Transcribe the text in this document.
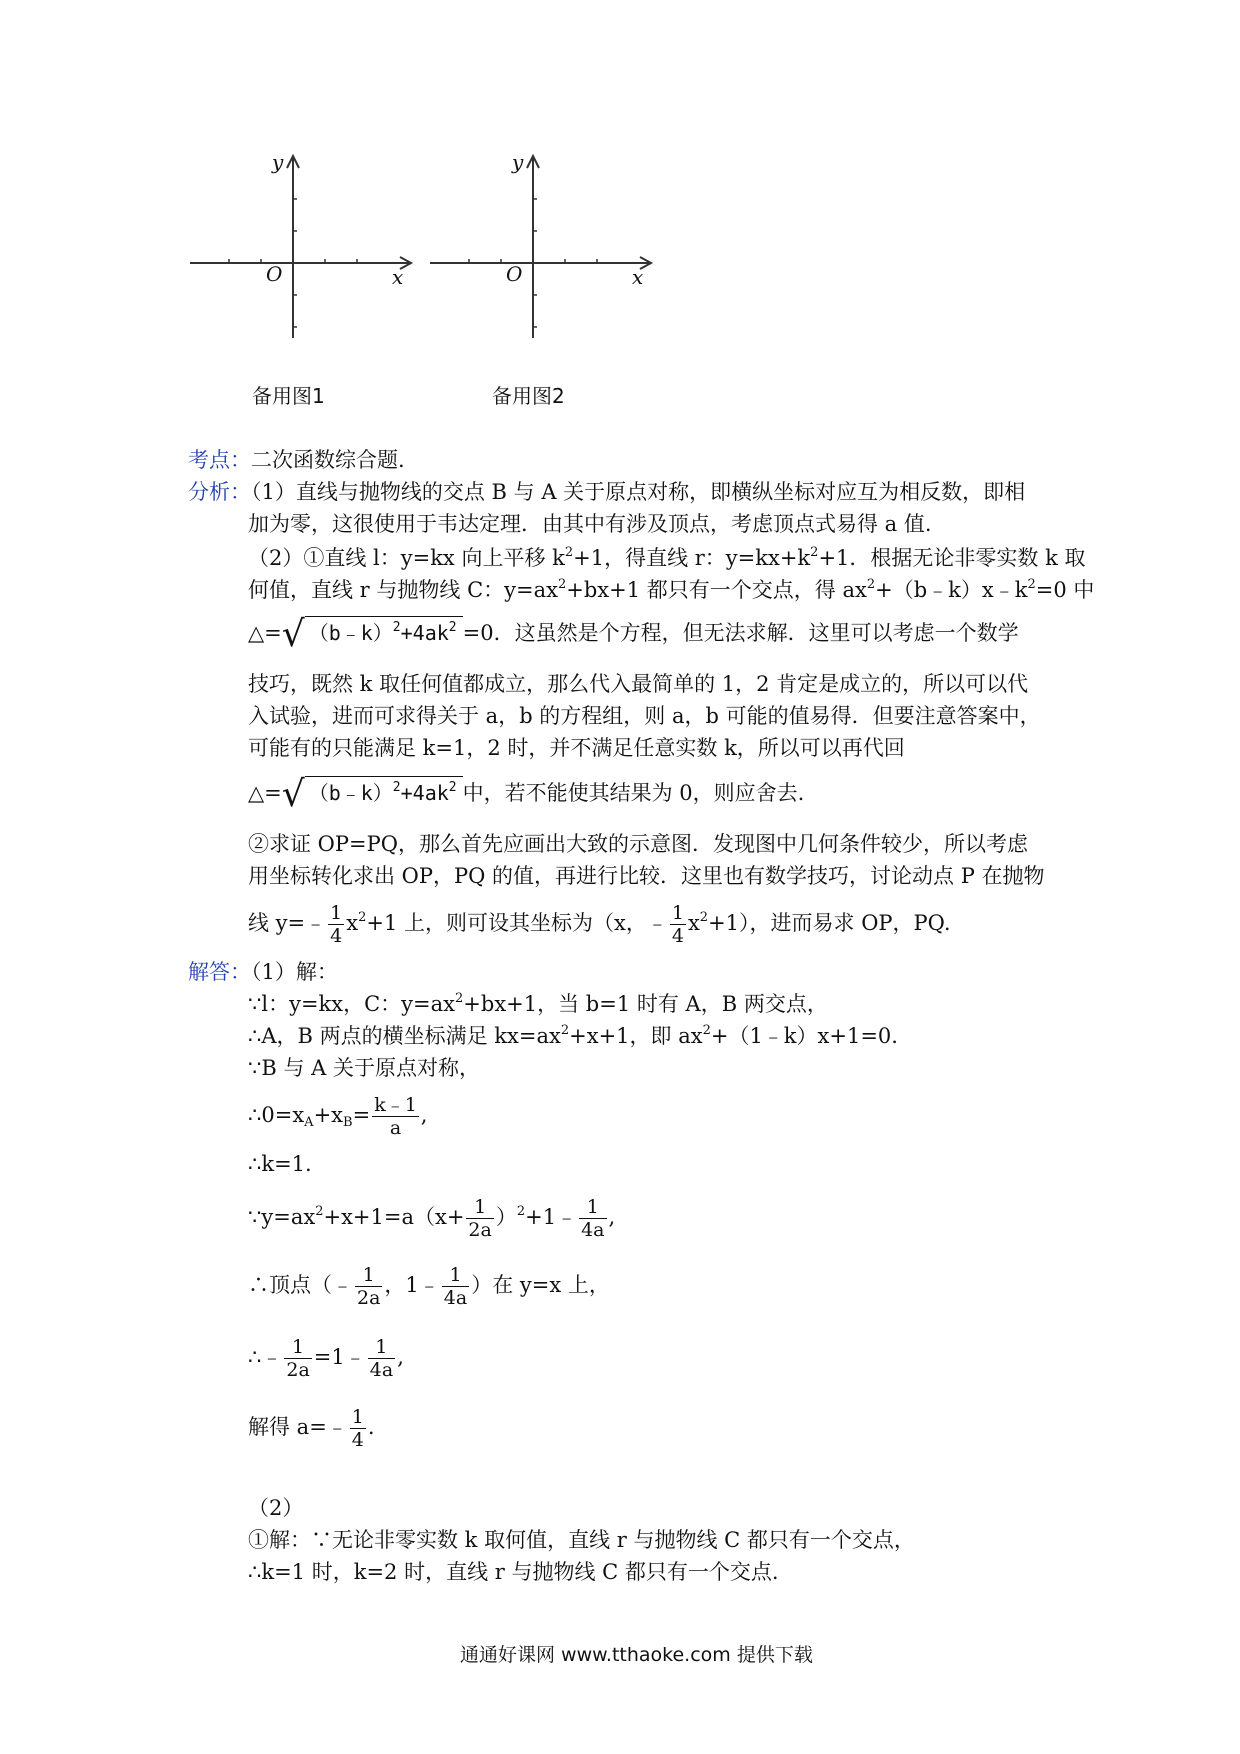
y
x
O
备用图1
y
x
O
备用图2
考点：二次函数综合题.
分析：（1）直线与抛物线的交点 B 与 A 关于原点对称，即横纵坐标对应互为相反数，即相
加为零，这很使用于韦达定理．由其中有涉及顶点，考虑顶点式易得 a 值.
（2）①直线 l：y=kx 向上平移 $k^2+1$，得直线 r：$y=kx+k^2+1$．根据无论非零实数 k 取
何值，直线 r 与抛物线 C：$y=ax^2+bx+1$ 都只有一个交点，得 $ax^2+(b﹣k)x﹣k^2=0$ 中
△=√ $(b﹣k)^2+4ak^2 =0$．这虽然是个方程，但无法求解．这里可以考虑一个数学
技巧，既然 k 取任何值都成立，那么代入最简单的 1，2 肯定是成立的，所以可以代
入试验，进而可求得关于 a，b 的方程组，则 a，b 可能的值易得．但要注意答案中，
可能有的只能满足 k=1，2 时，并不满足任意实数 k，所以可以再代回
△=√ $(b﹣k)^2+4ak^2$ 中，若不能使其结果为 0，则应舍去.
②求证 OP=PQ，那么首先应画出大致的示意图．发现图中几何条件较少，所以考虑
用坐标转化求出 OP，PQ 的值，再进行比较．这里也有数学技巧，讨论动点 P 在抛物
线 y=﹣ $\frac{1}{4} x^2+1$ 上，则可设其坐标为（x，﹣ $\frac{1}{4} x^2+1$），进而易求 OP，PQ.
解答：（1）解：
∵l：y=kx，C：$y=ax^2+bx+1$，当 b=1 时有 A，B 两交点，
∴A，B 两点的横坐标满足 $kx=ax^2+x+1$，即 $ax^2+(1﹣k)x+1=0$.
∵B 与 A 关于原点对称，
$\therefore 0=x_A+x_B= \frac{k﹣1}{a}$ ,
∴k=1.
$\because y=ax^2+x+1=a(x+ \frac{1}{2a}$ ）$^2$+1﹣ $\frac{1}{4a}$ ,
∴顶点（﹣ $\frac{1}{2a}$ ，1﹣ $\frac{1}{4a}$ ）在 y=x 上，
∴﹣ $\frac{1}{2a}$ =1﹣ $\frac{1}{4a}$ ,
解得 a=﹣ $\frac{1}{4}$ .
（2）
①解：∵无论非零实数 k 取何值，直线 r 与抛物线 C 都只有一个交点，
∴k=1 时，k=2 时，直线 r 与抛物线 C 都只有一个交点.
通通好课网 www.tthaoke.com 提供下载
